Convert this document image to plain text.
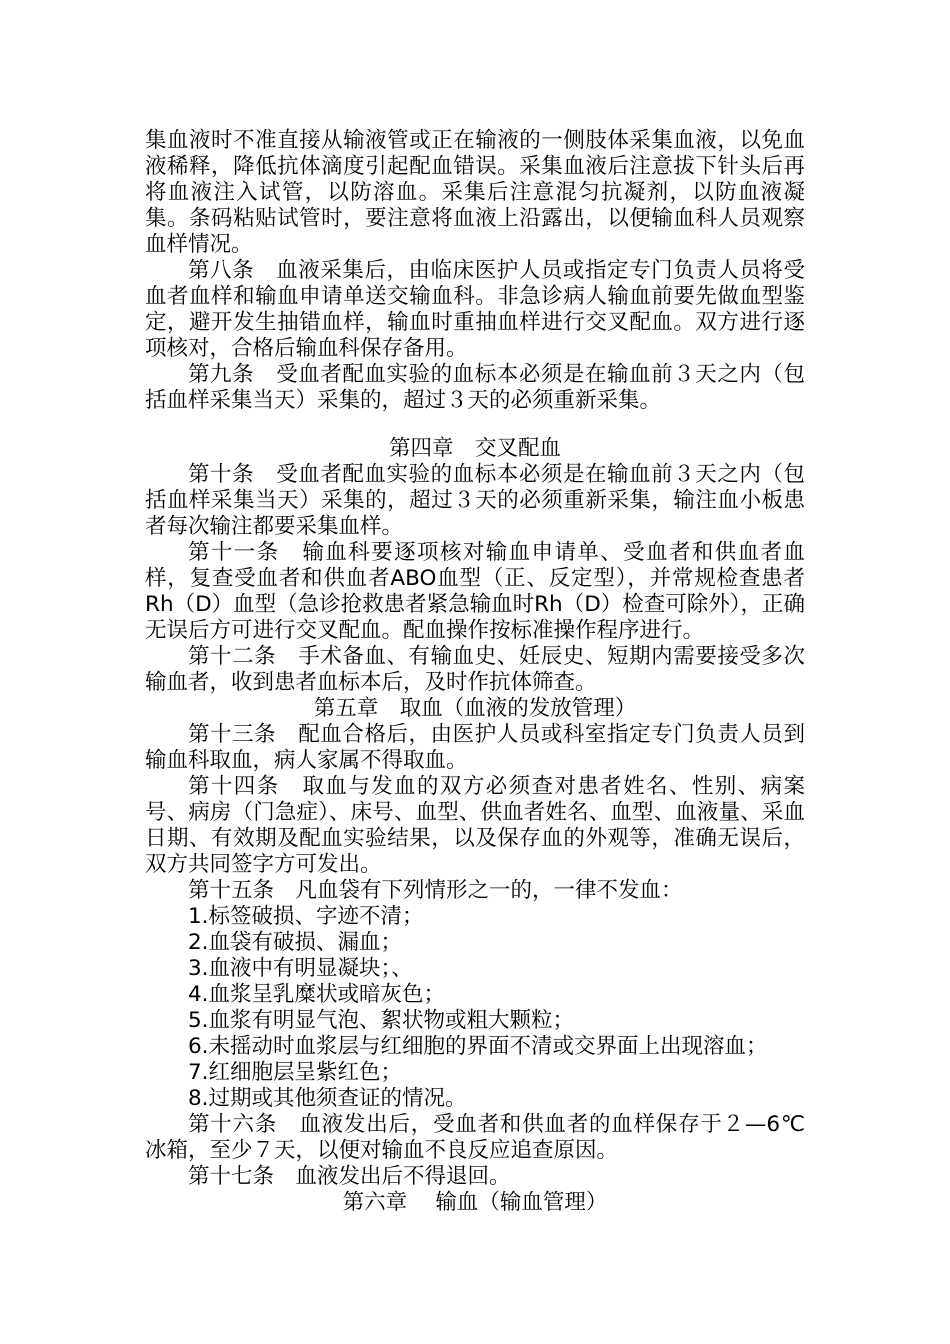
集血液时不准直接从输液管或正在输液的一侧肢体采集血液，以免血液稀释，降低抗体滴度引起配血错误。采集血液后注意拔下针头后再将血液注入试管，以防溶血。采集后注意混匀抗凝剂，以防血液凝集。条码粘贴试管时，要注意将血液上沿露出，以便输血科人员观察血样情况。

第八条　血液采集后，由临床医护人员或指定专门负责人员将受血者血样和输血申请单送交输血科。非急诊病人输血前要先做血型鉴定，避开发生抽错血样，输血时重抽血样进行交叉配血。双方进行逐项核对，合格后输血科保存备用。

第九条　受血者配血实验的血标本必须是在输血前３天之内（包括血样采集当天）采集的，超过３天的必须重新采集。

第四章　交叉配血

第十条　受血者配血实验的血标本必须是在输血前３天之内（包括血样采集当天）采集的，超过３天的必须重新采集，输注血小板患者每次输注都要采集血样。

第十一条　输血科要逐项核对输血申请单、受血者和供血者血样，复查受血者和供血者ABO血型（正、反定型），并常规检查患者Rh（D）血型（急诊抢救患者紧急输血时Rh（D）检查可除外），正确无误后方可进行交叉配血。配血操作按标准操作程序进行。

第十二条　手术备血、有输血史、妊辰史、短期内需要接受多次输血者，收到患者血标本后，及时作抗体筛查。

第五章　取血（血液的发放管理）

第十三条　配血合格后，由医护人员或科室指定专门负责人员到输血科取血，病人家属不得取血。

第十四条　取血与发血的双方必须查对患者姓名、性别、病案号、病房（门急症）、床号、血型、供血者姓名、血型、血液量、采血日期、有效期及配血实验结果，以及保存血的外观等，准确无误后，双方共同签字方可发出。

第十五条　凡血袋有下列情形之一的，一律不发血：

1.标签破损、字迹不清；

2.血袋有破损、漏血；

3.血液中有明显凝块；、

4.血浆呈乳糜状或暗灰色；

5.血浆有明显气泡、絮状物或粗大颗粒；

6.未摇动时血浆层与红细胞的界面不清或交界面上出现溶血；

7.红细胞层呈紫红色；

8.过期或其他须查证的情况。

第十六条　血液发出后，受血者和供血者的血样保存于２—6℃冰箱，至少７天，以便对输血不良反应追查原因。

第十七条　血液发出后不得退回。

第六章　 输血（输血管理）
